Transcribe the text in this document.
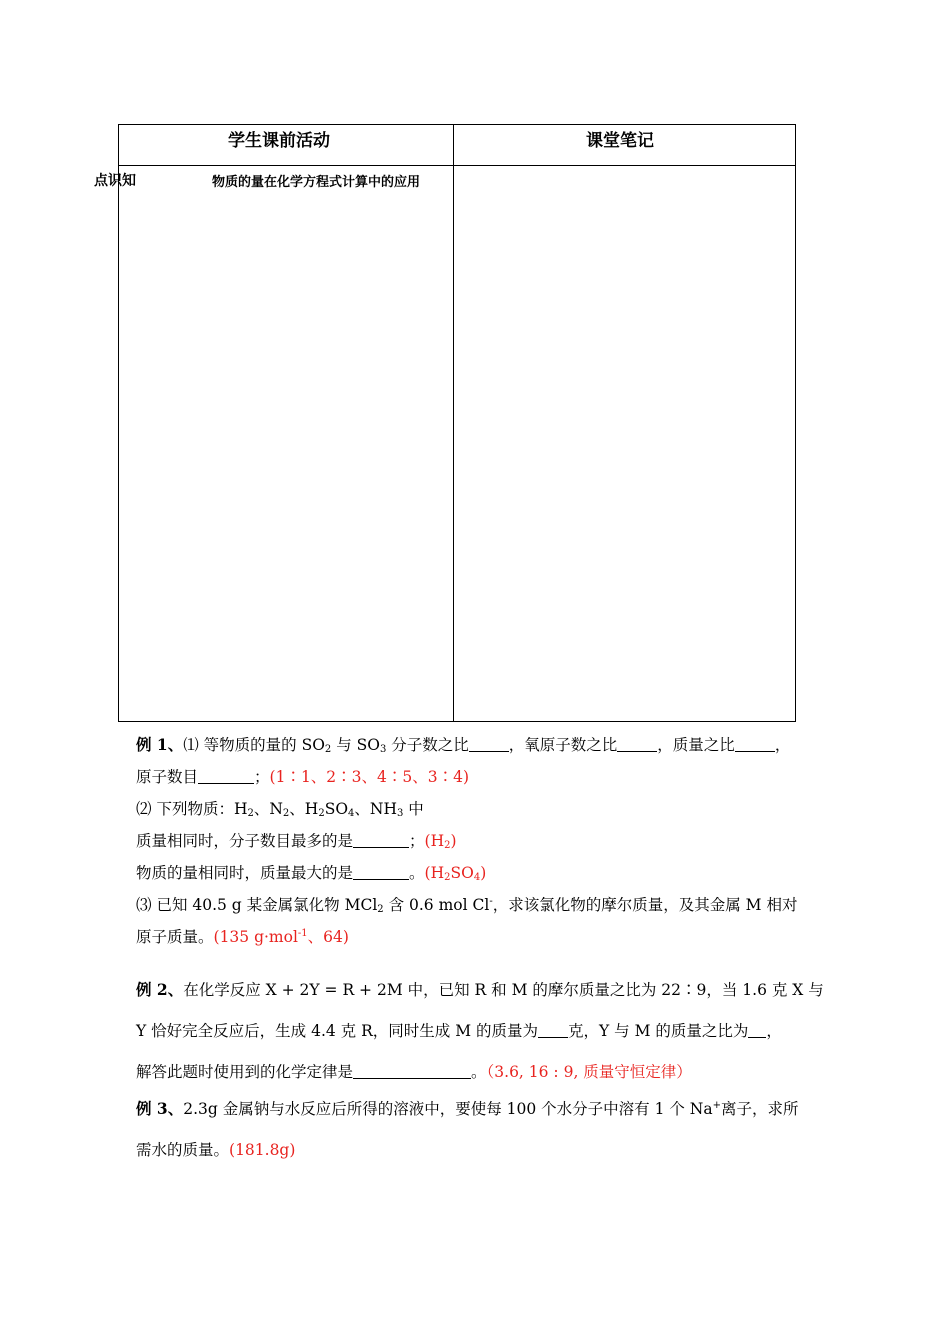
学生课前活动	课堂笔记
点识知	物质的量在化学方程式计算中的应用
例 1、⑴ 等物质的量的 $SO_2$ 与 $SO_3$ 分子数之比	，氧原子数之比	，质量之比	，
原子数目	；(1∶1、2∶3、4∶5、3∶4)
⑵ 下列物质：$H_2$、$N_2$、$H_2SO_4$、$NH_3$ 中
质量相同时，分子数目最多的是	；$(H_2)$
物质的量相同时，质量最大的是	。$(H_2SO_4)$
⑶ 已知 40.5 g 某金属氯化物 MCl$_2$ 含 0.6 mol Cl-，求该氯化物的摩尔质量，及其金属 M 相对
原子质量。(135 g·mol$^{-1}$、64)
例 2、在化学反应 X + 2Y = R + 2M 中，已知 R 和 M 的摩尔质量之比为 22∶9，当 1.6 克 X 与
Y 恰好完全反应后，生成 4.4 克 R，同时生成 M 的质量为 克，Y 与 M 的质量之比为 ，
解答此题时使用到的化学定律是	。（3.6, 16 : 9, 质量守恒定律）
例 3、2.3g 金属钠与水反应后所得的溶液中，要使每 100 个水分子中溶有 1 个 Na+离子，求所
需水的质量。(181.8g)
